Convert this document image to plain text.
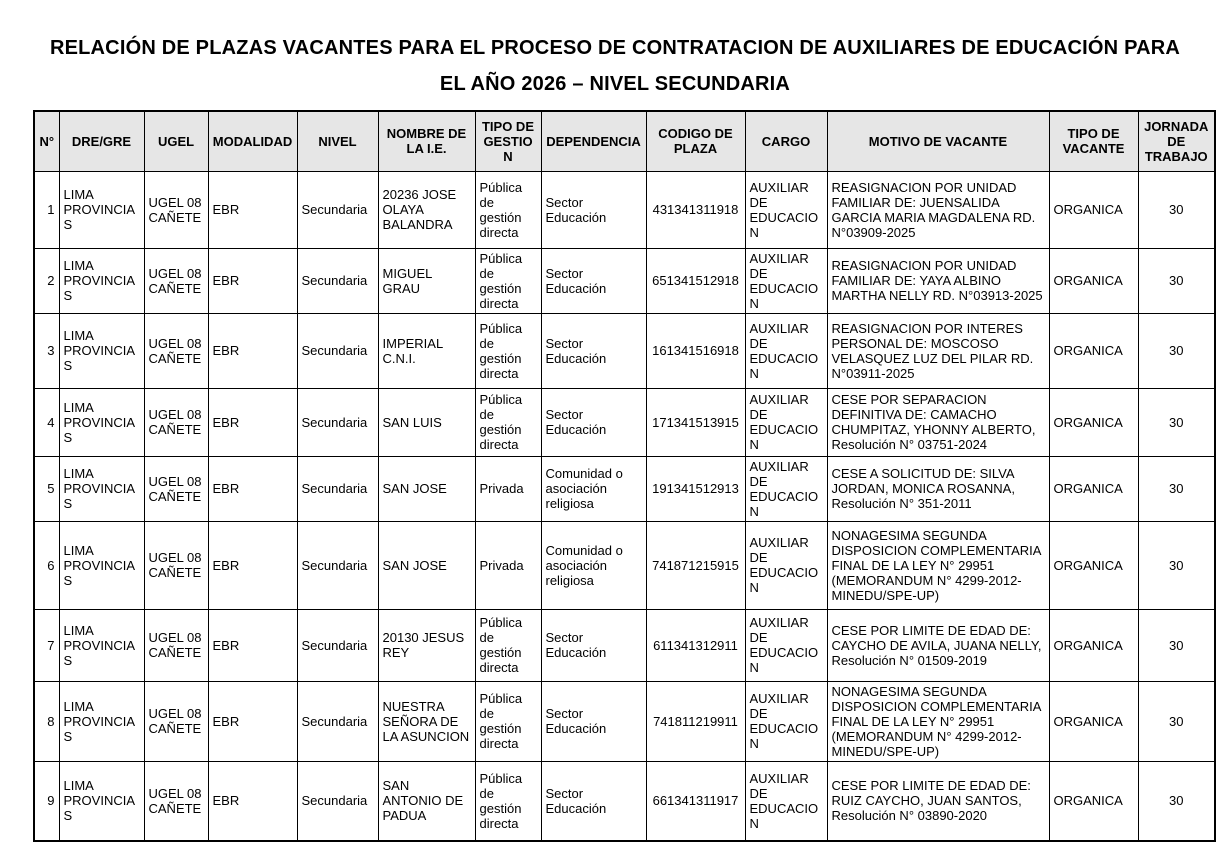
RELACIÓN DE PLAZAS VACANTES PARA EL PROCESO DE CONTRATACION DE AUXILIARES DE EDUCACIÓN PARA EL AÑO 2026 – NIVEL SECUNDARIA
N°	DRE/GRE	UGEL	MODALIDAD	NIVEL	NOMBRE DE LA I.E.	TIPO DE GESTION	DEPENDENCIA	CODIGO DE PLAZA	CARGO	MOTIVO DE VACANTE	TIPO DE VACANTE	JORNADA DE TRABAJO
1	LIMA PROVINCIAS	UGEL 08 CAÑETE	EBR	Secundaria	20236 JOSE OLAYA BALANDRA	Pública de gestión directa	Sector Educación	431341311918	AUXILIAR DE EDUCACION	REASIGNACION POR UNIDAD FAMILIAR DE: JUENSALIDA GARCIA MARIA MAGDALENA RD. N°03909-2025	ORGANICA	30
2	LIMA PROVINCIAS	UGEL 08 CAÑETE	EBR	Secundaria	MIGUEL GRAU	Pública de gestión directa	Sector Educación	651341512918	AUXILIAR DE EDUCACION	REASIGNACION POR UNIDAD FAMILIAR DE: YAYA ALBINO MARTHA NELLY RD. N°03913-2025	ORGANICA	30
3	LIMA PROVINCIAS	UGEL 08 CAÑETE	EBR	Secundaria	IMPERIAL C.N.I.	Pública de gestión directa	Sector Educación	161341516918	AUXILIAR DE EDUCACION	REASIGNACION POR INTERES PERSONAL DE: MOSCOSO VELASQUEZ LUZ DEL PILAR RD. N°03911-2025	ORGANICA	30
4	LIMA PROVINCIAS	UGEL 08 CAÑETE	EBR	Secundaria	SAN LUIS	Pública de gestión directa	Sector Educación	171341513915	AUXILIAR DE EDUCACION	CESE POR SEPARACION DEFINITIVA DE: CAMACHO CHUMPITAZ, YHONNY ALBERTO, Resolución N° 03751-2024	ORGANICA	30
5	LIMA PROVINCIAS	UGEL 08 CAÑETE	EBR	Secundaria	SAN JOSE	Privada	Comunidad o asociación religiosa	191341512913	AUXILIAR DE EDUCACION	CESE A SOLICITUD DE: SILVA JORDAN, MONICA ROSANNA, Resolución N° 351-2011	ORGANICA	30
6	LIMA PROVINCIAS	UGEL 08 CAÑETE	EBR	Secundaria	SAN JOSE	Privada	Comunidad o asociación religiosa	741871215915	AUXILIAR DE EDUCACION	NONAGESIMA SEGUNDA DISPOSICION COMPLEMENTARIA FINAL DE LA LEY N° 29951 (MEMORANDUM N° 4299-2012-MINEDU/SPE-UP)	ORGANICA	30
7	LIMA PROVINCIAS	UGEL 08 CAÑETE	EBR	Secundaria	20130 JESUS REY	Pública de gestión directa	Sector Educación	611341312911	AUXILIAR DE EDUCACION	CESE POR LIMITE DE EDAD DE: CAYCHO DE AVILA, JUANA NELLY, Resolución N° 01509-2019	ORGANICA	30
8	LIMA PROVINCIAS	UGEL 08 CAÑETE	EBR	Secundaria	NUESTRA SEÑORA DE LA ASUNCION	Pública de gestión directa	Sector Educación	741811219911	AUXILIAR DE EDUCACION	NONAGESIMA SEGUNDA DISPOSICION COMPLEMENTARIA FINAL DE LA LEY N° 29951 (MEMORANDUM N° 4299-2012-MINEDU/SPE-UP)	ORGANICA	30
9	LIMA PROVINCIAS	UGEL 08 CAÑETE	EBR	Secundaria	SAN ANTONIO DE PADUA	Pública de gestión directa	Sector Educación	661341311917	AUXILIAR DE EDUCACION	CESE POR LIMITE DE EDAD DE: RUIZ CAYCHO, JUAN SANTOS, Resolución N° 03890-2020	ORGANICA	30
